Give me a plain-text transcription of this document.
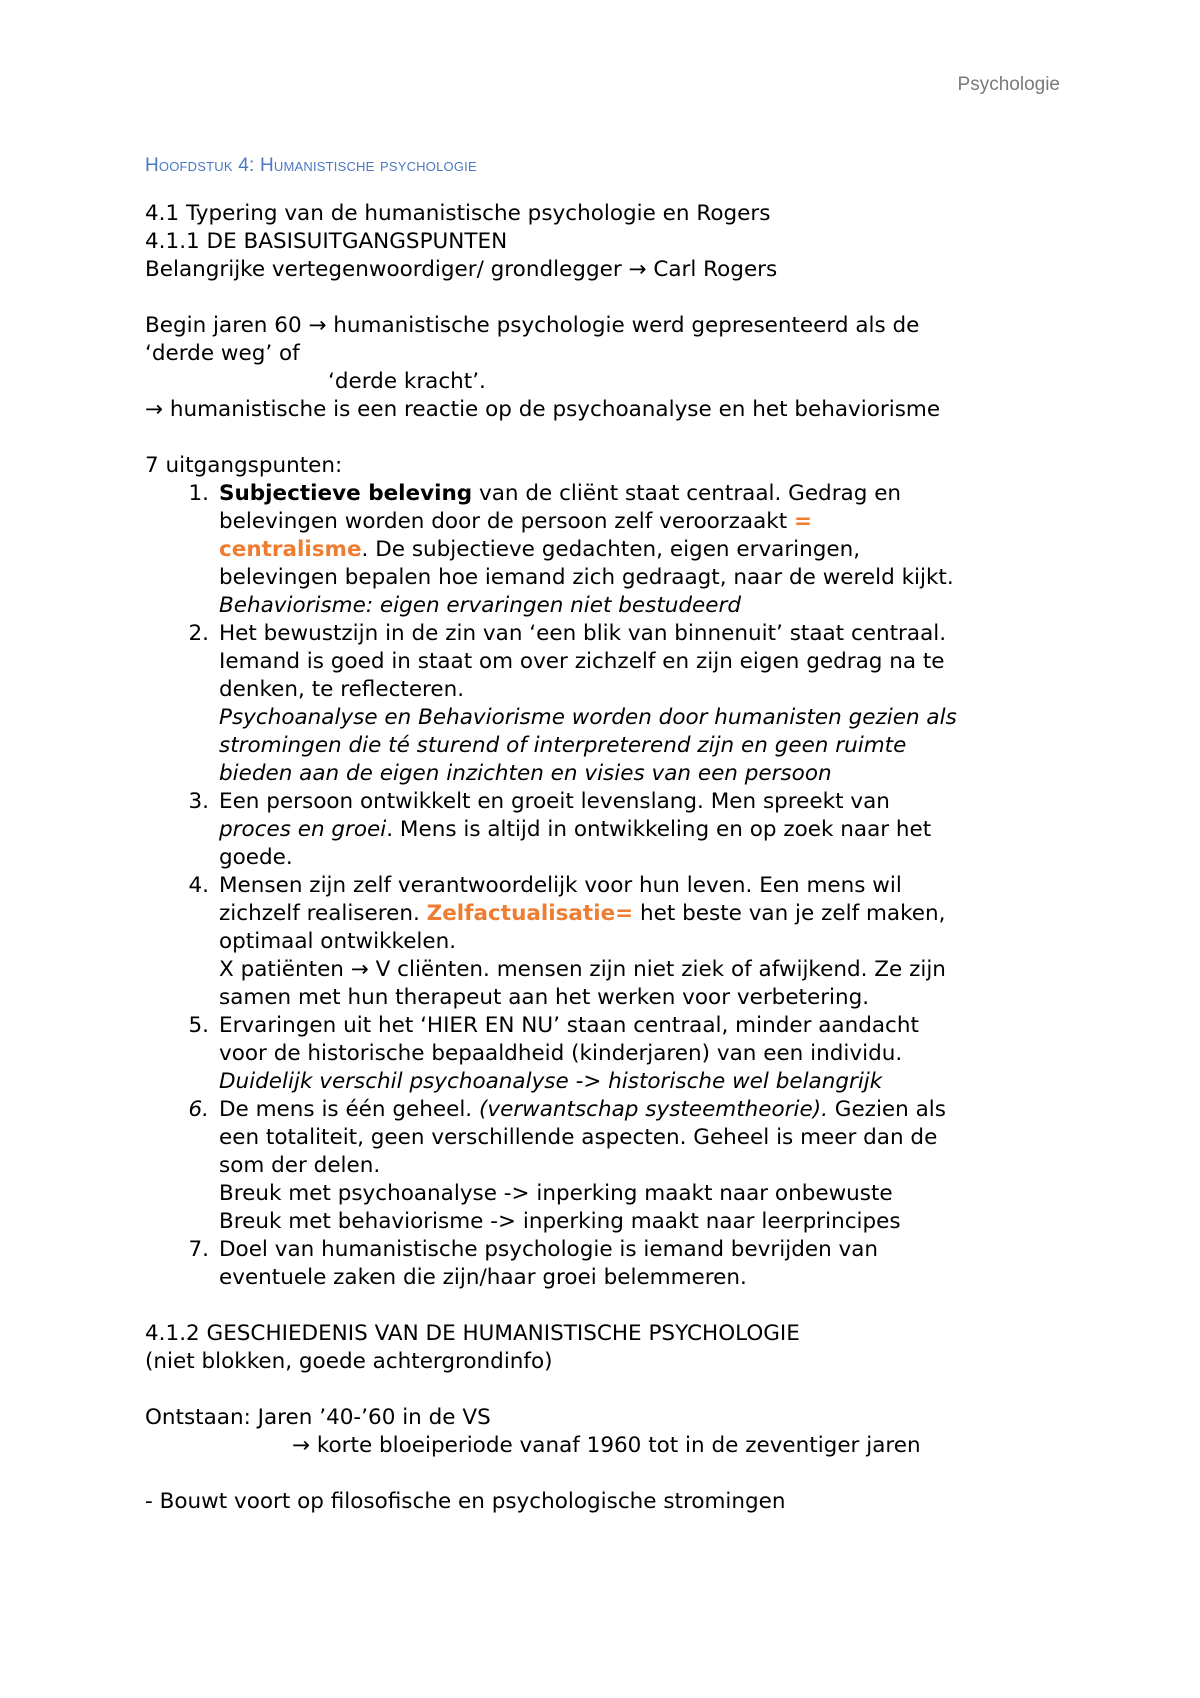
Psychologie
Hoofdstuk 4: Humanistische psychologie
4.1 Typering van de humanistische psychologie en Rogers
4.1.1 DE BASISUITGANGSPUNTEN
Belangrijke vertegenwoordiger/ grondlegger → Carl Rogers
Begin jaren 60 → humanistische psychologie werd gepresenteerd als de
‘derde weg’ of
‘derde kracht’.
→ humanistische is een reactie op de psychoanalyse en het behaviorisme
7 uitgangspunten:
1. Subjectieve beleving van de cliënt staat centraal. Gedrag en
belevingen worden door de persoon zelf veroorzaakt =
centralisme. De subjectieve gedachten, eigen ervaringen,
belevingen bepalen hoe iemand zich gedraagt, naar de wereld kijkt.
Behaviorisme: eigen ervaringen niet bestudeerd
2. Het bewustzijn in de zin van ‘een blik van binnenuit’ staat centraal.
Iemand is goed in staat om over zichzelf en zijn eigen gedrag na te
denken, te reflecteren.
Psychoanalyse en Behaviorisme worden door humanisten gezien als
stromingen die té sturend of interpreterend zijn en geen ruimte
bieden aan de eigen inzichten en visies van een persoon
3. Een persoon ontwikkelt en groeit levenslang. Men spreekt van
proces en groei. Mens is altijd in ontwikkeling en op zoek naar het
goede.
4. Mensen zijn zelf verantwoordelijk voor hun leven. Een mens wil
zichzelf realiseren. Zelfactualisatie= het beste van je zelf maken,
optimaal ontwikkelen.
X patiënten → V cliënten. mensen zijn niet ziek of afwijkend. Ze zijn
samen met hun therapeut aan het werken voor verbetering.
5. Ervaringen uit het ‘HIER EN NU’ staan centraal, minder aandacht
voor de historische bepaaldheid (kinderjaren) van een individu.
Duidelijk verschil psychoanalyse -> historische wel belangrijk
6. De mens is één geheel. (verwantschap systeemtheorie). Gezien als
een totaliteit, geen verschillende aspecten. Geheel is meer dan de
som der delen.
Breuk met psychoanalyse -> inperking maakt naar onbewuste
Breuk met behaviorisme -> inperking maakt naar leerprincipes
7. Doel van humanistische psychologie is iemand bevrijden van
eventuele zaken die zijn/haar groei belemmeren.
4.1.2 GESCHIEDENIS VAN DE HUMANISTISCHE PSYCHOLOGIE
(niet blokken, goede achtergrondinfo)
Ontstaan: Jaren ’40-’60 in de VS
→ korte bloeiperiode vanaf 1960 tot in de zeventiger jaren
- Bouwt voort op filosofische en psychologische stromingen
